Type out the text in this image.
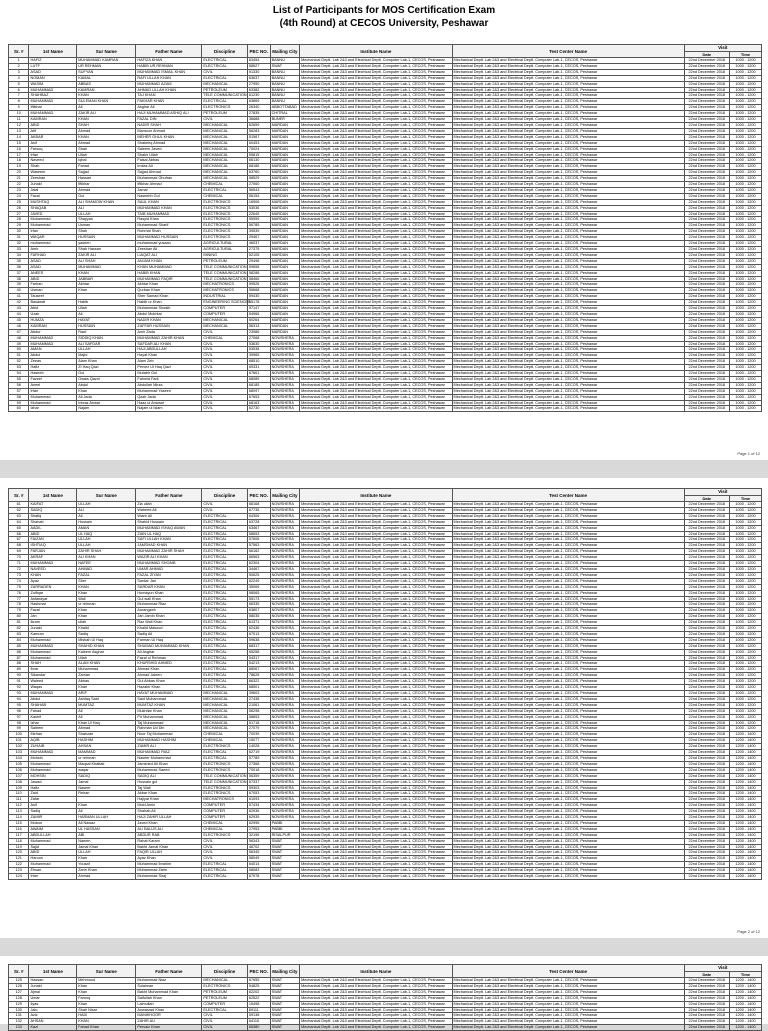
List of Participants for MOS Certification Exam
(4th Round) at CECOS University, Peshawar
Sr. #	1st Name	Sur Name	Father Name	Discipline	PEC NO.	Mailing City	Institute Name	Test Center Name	Visit	
									Date	Time
1	HAFIZ	MUHAMMAD KAMRAN	HAFIZA KHAN	ELECTRICAL	63454	BANNU	Mechanical Deptt. Lab 2&3 and Electrical Deptt. Computer Lab-1, CECOS, Peshawar	Mechanical Deptt. Lab 2&3 and Electrical Deptt. Computer Lab-1, CECOS, Peshawar	22nd December 2018	1000 - 1200
2	LUTF	UR REHMAN	HABIB UR REHMAN	ELECTRICAL	58627	SWAT	Mechanical Deptt. Lab 2&3 and Electrical Deptt. Computer Lab-1, CECOS, Peshawar	Mechanical Deptt. Lab 2&3 and Electrical Deptt. Computer Lab-1, CECOS, Peshawar	22nd December 2018	1000 - 1200
3	ASAD	SUFYAN	MUHAMMAD ISMAIL KHAN	CIVIL	51330	BANNU	Mechanical Deptt. Lab 2&3 and Electrical Deptt. Computer Lab-1, CECOS, Peshawar	Mechanical Deptt. Lab 2&3 and Electrical Deptt. Computer Lab-1, CECOS, Peshawar	22nd December 2018	1000 - 1200
4	NOMAN	KAMAL	RAFI ULLAH KHAN	ELECTRICAL	63637	BANNU	Mechanical Deptt. Lab 2&3 and Electrical Deptt. Computer Lab-1, CECOS, Peshawar	Mechanical Deptt. Lab 2&3 and Electrical Deptt. Computer Lab-1, CECOS, Peshawar	22nd December 2018	1000 - 1200
5	WASIM	ABBAS	MUHAMMAD AZAM	MECHANICAL	27950	BANNU	Mechanical Deptt. Lab 2&3 and Electrical Deptt. Computer Lab-1, CECOS, Peshawar	Mechanical Deptt. Lab 2&3 and Electrical Deptt. Computer Lab-1, CECOS, Peshawar	22nd December 2018	1000 - 1200
6	MUHAMMAD	KAMRAN	AHMAD ULLAH KHAN	PETROLEUM	63382	BANNU	Mechanical Deptt. Lab 2&3 and Electrical Deptt. Computer Lab-1, CECOS, Peshawar	Mechanical Deptt. Lab 2&3 and Electrical Deptt. Computer Lab-1, CECOS, Peshawar	22nd December 2018	1000 - 1200
7	SHAHBAZ	KHAN	TAJ KHAN	TELE COMMUNICATION	61230	BANNU	Mechanical Deptt. Lab 2&3 and Electrical Deptt. Computer Lab-1, CECOS, Peshawar	Mechanical Deptt. Lab 2&3 and Electrical Deptt. Computer Lab-1, CECOS, Peshawar	22nd December 2018	1000 - 1200
8	MUHAMMAD	SULEMAN KHAN	FAKHAR KHAN	ELECTRICAL	63869	BANNU	Mechanical Deptt. Lab 2&3 and Electrical Deptt. Computer Lab-1, CECOS, Peshawar	Mechanical Deptt. Lab 2&3 and Electrical Deptt. Computer Lab-1, CECOS, Peshawar	22nd December 2018	1000 - 1200
9	Iftikhar	Ali	Asghar Ali	ELECTRONICS	26340	ABBOTTABAD	Mechanical Deptt. Lab 2&3 and Electrical Deptt. Computer Lab-1, CECOS, Peshawar	Mechanical Deptt. Lab 2&3 and Electrical Deptt. Computer Lab-1, CECOS, Peshawar	22nd December 2018	1000 - 1200
10	MUHAMMAD	ZAKIR ALI	HAJI MUHAMMAD ASHIQ ALI	PETROLEUM	27835	CHITRAL	Mechanical Deptt. Lab 2&3 and Electrical Deptt. Computer Lab-1, CECOS, Peshawar	Mechanical Deptt. Lab 2&3 and Electrical Deptt. Computer Lab-1, CECOS, Peshawar	22nd December 2018	1000 - 1200
11	KAMRAN	KHAN	FAZAL DIN	CIVIL	36688	BUNER	Mechanical Deptt. Lab 2&3 and Electrical Deptt. Computer Lab-1, CECOS, Peshawar	Mechanical Deptt. Lab 2&3 and Electrical Deptt. Computer Lab-1, CECOS, Peshawar	22nd December 2018	1000 - 1200
12	ABID	SHAH	NADIR SHAH	MECHANICAL	62659	MARDAN	Mechanical Deptt. Lab 2&3 and Electrical Deptt. Computer Lab-1, CECOS, Peshawar	Mechanical Deptt. Lab 2&3 and Electrical Deptt. Computer Lab-1, CECOS, Peshawar	22nd December 2018	1000 - 1200
13	Atif	Ahmad	Mansoor Ahmad	MECHANICAL	56283	MARDAN	Mechanical Deptt. Lab 2&3 and Electrical Deptt. Computer Lab-1, CECOS, Peshawar	Mechanical Deptt. Lab 2&3 and Electrical Deptt. Computer Lab-1, CECOS, Peshawar	22nd December 2018	1000 - 1200
14	AKBAR	KHAN	MEHER GHUL KHAN	MECHANICAL	51567	MARDAN	Mechanical Deptt. Lab 2&3 and Electrical Deptt. Computer Lab-1, CECOS, Peshawar	Mechanical Deptt. Lab 2&3 and Electrical Deptt. Computer Lab-1, CECOS, Peshawar	22nd December 2018	1000 - 1200
15	Asif	Ahmad	Shakeeq Ahmad	MECHANICAL	60453	MARDAN	Mechanical Deptt. Lab 2&3 and Electrical Deptt. Computer Lab-1, CECOS, Peshawar	Mechanical Deptt. Lab 2&3 and Electrical Deptt. Computer Lab-1, CECOS, Peshawar	22nd December 2018	1000 - 1200
16	Farooq	Shah	Saleem Javed	MECHANICAL	70024	MARDAN	Mechanical Deptt. Lab 2&3 and Electrical Deptt. Computer Lab-1, CECOS, Peshawar	Mechanical Deptt. Lab 2&3 and Electrical Deptt. Computer Lab-1, CECOS, Peshawar	22nd December 2018	1000 - 1200
17	Irfan	Ullah	Shakir Ullah	MECHANICAL	55815	MARDAN	Mechanical Deptt. Lab 2&3 and Electrical Deptt. Computer Lab-1, CECOS, Peshawar	Mechanical Deptt. Lab 2&3 and Electrical Deptt. Computer Lab-1, CECOS, Peshawar	22nd December 2018	1000 - 1200
18	Naveed	Iqbal	Faisal Abbas	MECHANICAL	66130	MARDAN	Mechanical Deptt. Lab 2&3 and Electrical Deptt. Computer Lab-1, CECOS, Peshawar	Mechanical Deptt. Lab 2&3 and Electrical Deptt. Computer Lab-1, CECOS, Peshawar	22nd December 2018	1000 - 1200
19	Shah	Fahad	Imtiaz Ali	MECHANICAL	68186	MARDAN	Mechanical Deptt. Lab 2&3 and Electrical Deptt. Computer Lab-1, CECOS, Peshawar	Mechanical Deptt. Lab 2&3 and Electrical Deptt. Computer Lab-1, CECOS, Peshawar	22nd December 2018	1000 - 1200
20	Waseem	Sajjad	Sajjad Ahmad	MECHANICAL	63760	MARDAN	Mechanical Deptt. Lab 2&3 and Electrical Deptt. Computer Lab-1, CECOS, Peshawar	Mechanical Deptt. Lab 2&3 and Electrical Deptt. Computer Lab-1, CECOS, Peshawar	22nd December 2018	1000 - 1200
21	Zeeshan	Hassan	Muhammad Ghufran	MECHANICAL	58529	MARDAN	Mechanical Deptt. Lab 2&3 and Electrical Deptt. Computer Lab-1, CECOS, Peshawar	Mechanical Deptt. Lab 2&3 and Electrical Deptt. Computer Lab-1, CECOS, Peshawar	22nd December 2018	1000 - 1200
22	Junaid	Iftikhar	Iftikhar Ahmad	CHEMICAL	27060	MARDAN	Mechanical Deptt. Lab 2&3 and Electrical Deptt. Computer Lab-1, CECOS, Peshawar	Mechanical Deptt. Lab 2&3 and Electrical Deptt. Computer Lab-1, CECOS, Peshawar	22nd December 2018	1000 - 1200
23	Jalal	Ahmad	Jamal	ELECTRICAL	56543	MARDAN	Mechanical Deptt. Lab 2&3 and Electrical Deptt. Computer Lab-1, CECOS, Peshawar	Mechanical Deptt. Lab 2&3 and Electrical Deptt. Computer Lab-1, CECOS, Peshawar	22nd December 2018	1000 - 1200
24	Fazal	Gul	Naseebh Gul	CHEMICAL	56154	MARDAN	Mechanical Deptt. Lab 2&3 and Electrical Deptt. Computer Lab-1, CECOS, Peshawar	Mechanical Deptt. Lab 2&3 and Electrical Deptt. Computer Lab-1, CECOS, Peshawar	22nd December 2018	1000 - 1200
25	MUSHTAQ	ALI SHAMOW KHAN	SAUL KHAN	ELECTRONICS	16906	MARDAN	Mechanical Deptt. Lab 2&3 and Electrical Deptt. Computer Lab-1, CECOS, Peshawar	Mechanical Deptt. Lab 2&3 and Electrical Deptt. Computer Lab-1, CECOS, Peshawar	22nd December 2018	1000 - 1200
26	SHAQAB	ALI	MUHAMMAD KHAN	ELECTRONICS	53036	MARDAN	Mechanical Deptt. Lab 2&3 and Electrical Deptt. Computer Lab-1, CECOS, Peshawar	Mechanical Deptt. Lab 2&3 and Electrical Deptt. Computer Lab-1, CECOS, Peshawar	22nd December 2018	1000 - 1200
27	JAVED	ULLAH	TAIB MUHAMMAD	ELECTRONICS	22649	MARDAN	Mechanical Deptt. Lab 2&3 and Electrical Deptt. Computer Lab-1, CECOS, Peshawar	Mechanical Deptt. Lab 2&3 and Electrical Deptt. Computer Lab-1, CECOS, Peshawar	22nd December 2018	1000 - 1200
28	Muhammad	Shayyan	Rasyid Khan	ELECTRONICS	55959	MARDAN	Mechanical Deptt. Lab 2&3 and Electrical Deptt. Computer Lab-1, CECOS, Peshawar	Mechanical Deptt. Lab 2&3 and Electrical Deptt. Computer Lab-1, CECOS, Peshawar	22nd December 2018	1000 - 1200
29	Muhammad	Usman	Muhammad Sharif	ELECTRONICS	56785	MARDAN	Mechanical Deptt. Lab 2&3 and Electrical Deptt. Computer Lab-1, CECOS, Peshawar	Mechanical Deptt. Lab 2&3 and Electrical Deptt. Computer Lab-1, CECOS, Peshawar	22nd December 2018	1000 - 1200
30	Irfan	Shah	Rohmat Shah	ELECTRONICS	39539	MARDAN	Mechanical Deptt. Lab 2&3 and Electrical Deptt. Computer Lab-1, CECOS, Peshawar	Mechanical Deptt. Lab 2&3 and Electrical Deptt. Computer Lab-1, CECOS, Peshawar	22nd December 2018	1000 - 1200
31	WAQAR	HUSSAIN	MUHAMMAD HUSSAIN	ELECTRONICS	29467	MARDAN	Mechanical Deptt. Lab 2&3 and Electrical Deptt. Computer Lab-1, CECOS, Peshawar	Mechanical Deptt. Lab 2&3 and Electrical Deptt. Computer Lab-1, CECOS, Peshawar	22nd December 2018	1000 - 1200
32	muhammad	yaseen	muhammad yusaan	AGRICULTURAL	46037	MARDAN	Mechanical Deptt. Lab 2&3 and Electrical Deptt. Computer Lab-1, CECOS, Peshawar	Mechanical Deptt. Lab 2&3 and Electrical Deptt. Computer Lab-1, CECOS, Peshawar	22nd December 2018	1000 - 1200
33	Amir	Shah Hassan	Zeeshan Ali	AGRICULTURAL	27375	MARDAN	Mechanical Deptt. Lab 2&3 and Electrical Deptt. Computer Lab-1, CECOS, Peshawar	Mechanical Deptt. Lab 2&3 and Electrical Deptt. Computer Lab-1, CECOS, Peshawar	22nd December 2018	1000 - 1200
34	FARHAD	ZAKIR ALI	LIAQAT ALI	MINING	52105	MARDAN	Mechanical Deptt. Lab 2&3 and Electrical Deptt. Computer Lab-1, CECOS, Peshawar	Mechanical Deptt. Lab 2&3 and Electrical Deptt. Computer Lab-1, CECOS, Peshawar	22nd December 2018	1000 - 1200
35	ASAD	ALI SHAH	ANJAM KHAN	PETROLEUM	29498	MARDAN	Mechanical Deptt. Lab 2&3 and Electrical Deptt. Computer Lab-1, CECOS, Peshawar	Mechanical Deptt. Lab 2&3 and Electrical Deptt. Computer Lab-1, CECOS, Peshawar	22nd December 2018	1000 - 1200
36	ASAD	MUHAMMAD	KHAN MUHAMMAD	TELE COMMUNICATION	59658	MARDAN	Mechanical Deptt. Lab 2&3 and Electrical Deptt. Computer Lab-1, CECOS, Peshawar	Mechanical Deptt. Lab 2&3 and Electrical Deptt. Computer Lab-1, CECOS, Peshawar	22nd December 2018	1000 - 1200
37	ANEES	KHAN	HABIB KHAN	TELE COMMUNICATION	58288	MARDAN	Mechanical Deptt. Lab 2&3 and Electrical Deptt. Computer Lab-1, CECOS, Peshawar	Mechanical Deptt. Lab 2&3 and Electrical Deptt. Computer Lab-1, CECOS, Peshawar	22nd December 2018	1000 - 1200
38	ABID	JABBAR	MUHAMMAD FAQIR	TELE COMMUNICATION	58466	MARDAN	Mechanical Deptt. Lab 2&3 and Electrical Deptt. Computer Lab-1, CECOS, Peshawar	Mechanical Deptt. Lab 2&3 and Electrical Deptt. Computer Lab-1, CECOS, Peshawar	22nd December 2018	1000 - 1200
39	Farhan	Akhtar	Akhtar Khan	MECHATRONICS	59526	MARDAN	Mechanical Deptt. Lab 2&3 and Electrical Deptt. Computer Lab-1, CECOS, Peshawar	Mechanical Deptt. Lab 2&3 and Electrical Deptt. Computer Lab-1, CECOS, Peshawar	22nd December 2018	1000 - 1200
40	Usman	Khan	Qurban Khan	MECHATRONICS	55668	MARDAN	Mechanical Deptt. Lab 2&3 and Electrical Deptt. Computer Lab-1, CECOS, Peshawar	Mechanical Deptt. Lab 2&3 and Electrical Deptt. Computer Lab-1, CECOS, Peshawar	22nd December 2018	1000 - 1200
41	Tauseef		Sher Samad Khan	INDUSTRIAL	59430	MARDAN	Mechanical Deptt. Lab 2&3 and Electrical Deptt. Computer Lab-1, CECOS, Peshawar	Mechanical Deptt. Lab 2&3 and Electrical Deptt. Computer Lab-1, CECOS, Peshawar	22nd December 2018	1000 - 1200
42	Basawat	Habib	Habib ur Khan	ENGINEERING SCIENCES	55178	MARDAN	Mechanical Deptt. Lab 2&3 and Electrical Deptt. Computer Lab-1, CECOS, Peshawar	Mechanical Deptt. Lab 2&3 and Electrical Deptt. Computer Lab-1, CECOS, Peshawar	22nd December 2018	1000 - 1200
43	Abid	Ullah	Muhammad Shoaib	COMPUTER	57147	MARDAN	Mechanical Deptt. Lab 2&3 and Electrical Deptt. Computer Lab-1, CECOS, Peshawar	Mechanical Deptt. Lab 2&3 and Electrical Deptt. Computer Lab-1, CECOS, Peshawar	22nd December 2018	1000 - 1200
44	Uzair	Ali	Abdul Mukhtar	COMPUTER	54966	MARDAN	Mechanical Deptt. Lab 2&3 and Electrical Deptt. Computer Lab-1, CECOS, Peshawar	Mechanical Deptt. Lab 2&3 and Electrical Deptt. Computer Lab-1, CECOS, Peshawar	22nd December 2018	1000 - 1200
45	HUMZA	HAYAT	NADIR KHAN	MECHANICAL	60264	MARDAN	Mechanical Deptt. Lab 2&3 and Electrical Deptt. Computer Lab-1, CECOS, Peshawar	Mechanical Deptt. Lab 2&3 and Electrical Deptt. Computer Lab-1, CECOS, Peshawar	22nd December 2018	1000 - 1200
46	KAMRAN	HUSSAIN	ZAFFAR HUSSAIN	MECHANICAL	56313	MARDAN	Mechanical Deptt. Lab 2&3 and Electrical Deptt. Computer Lab-1, CECOS, Peshawar	Mechanical Deptt. Lab 2&3 and Electrical Deptt. Computer Lab-1, CECOS, Peshawar	22nd December 2018	1000 - 1200
47	Abdur	Rauf	Amir Zada	CIVIL	23986	MARDAN	Mechanical Deptt. Lab 2&3 and Electrical Deptt. Computer Lab-1, CECOS, Peshawar	Mechanical Deptt. Lab 2&3 and Electrical Deptt. Computer Lab-1, CECOS, Peshawar	22nd December 2018	1000 - 1200
48	MUHAMMAD	SIDDIQ KHAN	MUHAMMAD ZAHIR KHAN	CHEMICAL	27068	NOWSHERA	Mechanical Deptt. Lab 2&3 and Electrical Deptt. Computer Lab-1, CECOS, Peshawar	Mechanical Deptt. Lab 2&3 and Electrical Deptt. Computer Lab-1, CECOS, Peshawar	22nd December 2018	1000 - 1200
49	MUHAMMAD	ALI SAFDAR	SAFDAR ALI KHAN	CIVIL	53630	NOWSHERA	Mechanical Deptt. Lab 2&3 and Electrical Deptt. Computer Lab-1, CECOS, Peshawar	Mechanical Deptt. Lab 2&3 and Electrical Deptt. Computer Lab-1, CECOS, Peshawar	22nd December 2018	1000 - 1200
50	AMAN	ULLAH	HAJI ABDULLAH	CIVIL	53538	NOWSHERA	Mechanical Deptt. Lab 2&3 and Electrical Deptt. Computer Lab-1, CECOS, Peshawar	Mechanical Deptt. Lab 2&3 and Electrical Deptt. Computer Lab-1, CECOS, Peshawar	22nd December 2018	1000 - 1200
51	Abdul	Majid	Hayat Khan	CIVIL	39965	NOWSHERA	Mechanical Deptt. Lab 2&3 and Electrical Deptt. Computer Lab-1, CECOS, Peshawar	Mechanical Deptt. Lab 2&3 and Electrical Deptt. Computer Lab-1, CECOS, Peshawar	22nd December 2018	1000 - 1200
52	Zeeas	Alam Khan	Alam Zeb	CIVIL	68510	NOWSHERA	Mechanical Deptt. Lab 2&3 and Electrical Deptt. Computer Lab-1, CECOS, Peshawar	Mechanical Deptt. Lab 2&3 and Electrical Deptt. Computer Lab-1, CECOS, Peshawar	22nd December 2018	1000 - 1200
53	Hafiz	ZI Haq Qazi	Pervez Ul Haq Qazi	CIVIL	69331	NOWSHERA	Mechanical Deptt. Lab 2&3 and Electrical Deptt. Computer Lab-1, CECOS, Peshawar	Mechanical Deptt. Lab 2&3 and Electrical Deptt. Computer Lab-1, CECOS, Peshawar	22nd December 2018	1000 - 1200
54	Haseeb	Gul	Mutabir Gul	CIVIL	67661	NOWSHERA	Mechanical Deptt. Lab 2&3 and Electrical Deptt. Computer Lab-1, CECOS, Peshawar	Mechanical Deptt. Lab 2&3 and Electrical Deptt. Computer Lab-1, CECOS, Peshawar	22nd December 2018	1000 - 1200
55	Fazeel	Owais Qazni	Fahmid Fadi	CIVIL	68089	NOWSHERA	Mechanical Deptt. Lab 2&3 and Electrical Deptt. Computer Lab-1, CECOS, Peshawar	Mechanical Deptt. Lab 2&3 and Electrical Deptt. Computer Lab-1, CECOS, Peshawar	22nd December 2018	1000 - 1200
56	Aneel	Abdul	Abdullah Mirza	CIVIL	68185	NOWSHERA	Mechanical Deptt. Lab 2&3 and Electrical Deptt. Computer Lab-1, CECOS, Peshawar	Mechanical Deptt. Lab 2&3 and Electrical Deptt. Computer Lab-1, CECOS, Peshawar	22nd December 2018	1000 - 1200
57	Irfan	Khan	Muhammad Yaseen	CIVIL	68097	NOWSHERA	Mechanical Deptt. Lab 2&3 and Electrical Deptt. Computer Lab-1, CECOS, Peshawar	Mechanical Deptt. Lab 2&3 and Electrical Deptt. Computer Lab-1, CECOS, Peshawar	22nd December 2018	1000 - 1200
58	Muhammad	Ali Jada	Qazir Jada	CIVIL	67653	NOWSHERA	Mechanical Deptt. Lab 2&3 and Electrical Deptt. Computer Lab-1, CECOS, Peshawar	Mechanical Deptt. Lab 2&3 and Electrical Deptt. Computer Lab-1, CECOS, Peshawar	22nd December 2018	1000 - 1200
59	Muhammad	Inteaz Anwar	Haaz ul Anwaar	CIVIL	68163	NOWSHERA	Mechanical Deptt. Lab 2&3 and Electrical Deptt. Computer Lab-1, CECOS, Peshawar	Mechanical Deptt. Lab 2&3 and Electrical Deptt. Computer Lab-1, CECOS, Peshawar	22nd December 2018	1000 - 1200
60	Izhar	Najam	Najam ul Islam	CIVIL	62730	NOWSHERA	Mechanical Deptt. Lab 2&3 and Electrical Deptt. Computer Lab-1, CECOS, Peshawar	Mechanical Deptt. Lab 2&3 and Electrical Deptt. Computer Lab-1, CECOS, Peshawar	22nd December 2018	1000 - 1200
Page 1 of 12
Sr. #	1st Name	Sur Name	Father Name	Discipline	PEC NO.	Mailing City	Institute Name	Test Center Name	Visit	
									Date	Time
61	KAIFAT	ULLAH	Zia ullah	CIVIL	68168	NOWSHERA	Mechanical Deptt. Lab 2&3 and Electrical Deptt. Computer Lab-1, CECOS, Peshawar	Mechanical Deptt. Lab 2&3 and Electrical Deptt. Computer Lab-1, CECOS, Peshawar	22nd December 2018	1000 - 1200
62	SADIQ	ALI	Waheed Ali	CIVIL	67735	NOWSHERA	Mechanical Deptt. Lab 2&3 and Electrical Deptt. Computer Lab-1, CECOS, Peshawar	Mechanical Deptt. Lab 2&3 and Electrical Deptt. Computer Lab-1, CECOS, Peshawar	22nd December 2018	1000 - 1200
63	Shafiq	Ali	Wazir Ali	ELECTRICAL	64306	NOWSHERA	Mechanical Deptt. Lab 2&3 and Electrical Deptt. Computer Lab-1, CECOS, Peshawar	Mechanical Deptt. Lab 2&3 and Electrical Deptt. Computer Lab-1, CECOS, Peshawar	22nd December 2018	1000 - 1200
64	Shahab	Hussain	Shahid Hussain	ELECTRICAL	63728	NOWSHERA	Mechanical Deptt. Lab 2&3 and Electrical Deptt. Computer Lab-1, CECOS, Peshawar	Mechanical Deptt. Lab 2&3 and Electrical Deptt. Computer Lab-1, CECOS, Peshawar	22nd December 2018	1000 - 1200
65	AADIL	AMAN	MUHAMMAD ISHAQ AWAN	ELECTRICAL	63467	NOWSHERA	Mechanical Deptt. Lab 2&3 and Electrical Deptt. Computer Lab-1, CECOS, Peshawar	Mechanical Deptt. Lab 2&3 and Electrical Deptt. Computer Lab-1, CECOS, Peshawar	22nd December 2018	1000 - 1200
66	ABID	UL HAQ	ZAIN UL HAQ	ELECTRICAL	58653	NOWSHERA	Mechanical Deptt. Lab 2&3 and Electrical Deptt. Computer Lab-1, CECOS, Peshawar	Mechanical Deptt. Lab 2&3 and Electrical Deptt. Computer Lab-1, CECOS, Peshawar	22nd December 2018	1000 - 1200
67	FAIZAN	ULLAH	SAFI ULLAH KHAN	ELECTRICAL	57606	NOWSHERA	Mechanical Deptt. Lab 2&3 and Electrical Deptt. Computer Lab-1, CECOS, Peshawar	Mechanical Deptt. Lab 2&3 and Electrical Deptt. Computer Lab-1, CECOS, Peshawar	22nd December 2018	1000 - 1200
68	ISHTIAQ	ULLAH	JAMSHAD KHAN	ELECTRICAL	57563	NOWSHERA	Mechanical Deptt. Lab 2&3 and Electrical Deptt. Computer Lab-1, CECOS, Peshawar	Mechanical Deptt. Lab 2&3 and Electrical Deptt. Computer Lab-1, CECOS, Peshawar	22nd December 2018	1000 - 1200
69	FARJAN	ZAHIR SHAH	MUHAMMAD ZAHIR SHAH	ELECTRICAL	66162	NOWSHERA	Mechanical Deptt. Lab 2&3 and Electrical Deptt. Computer Lab-1, CECOS, Peshawar	Mechanical Deptt. Lab 2&3 and Electrical Deptt. Computer Lab-1, CECOS, Peshawar	22nd December 2018	1000 - 1200
70	AKRAF	ALI KHAN	WAZIR ALI KHAN	ELECTRICAL	66563	NOWSHERA	Mechanical Deptt. Lab 2&3 and Electrical Deptt. Computer Lab-1, CECOS, Peshawar	Mechanical Deptt. Lab 2&3 and Electrical Deptt. Computer Lab-1, CECOS, Peshawar	22nd December 2018	1000 - 1200
71	MUHAMMAD	NAFEE	MUHAMMAD SHOAIB	ELECTRICAL	62304	NOWSHERA	Mechanical Deptt. Lab 2&3 and Electrical Deptt. Computer Lab-1, CECOS, Peshawar	Mechanical Deptt. Lab 2&3 and Electrical Deptt. Computer Lab-1, CECOS, Peshawar	22nd December 2018	1000 - 1200
72	NAVEED	AHMAD	UMAR AHMAD	ELECTRICAL	34467	NOWSHERA	Mechanical Deptt. Lab 2&3 and Electrical Deptt. Computer Lab-1, CECOS, Peshawar	Mechanical Deptt. Lab 2&3 and Electrical Deptt. Computer Lab-1, CECOS, Peshawar	22nd December 2018	1000 - 1200
73	KHAN	FAZAL	FAZAL ZIYAN	ELECTRICAL	50625	NOWSHERA	Mechanical Deptt. Lab 2&3 and Electrical Deptt. Computer Lab-1, CECOS, Peshawar	Mechanical Deptt. Lab 2&3 and Electrical Deptt. Computer Lab-1, CECOS, Peshawar	22nd December 2018	1000 - 1200
74	Ayaz	Sher	Sardar Jan	ELECTRICAL	62249	NOWSHERA	Mechanical Deptt. Lab 2&3 and Electrical Deptt. Computer Lab-1, CECOS, Peshawar	Mechanical Deptt. Lab 2&3 and Electrical Deptt. Computer Lab-1, CECOS, Peshawar	22nd December 2018	1000 - 1200
75	ZARRADEN	KHAN	SARDAR KHAN	ELECTRICAL	35069	NOWSHERA	Mechanical Deptt. Lab 2&3 and Electrical Deptt. Computer Lab-1, CECOS, Peshawar	Mechanical Deptt. Lab 2&3 and Electrical Deptt. Computer Lab-1, CECOS, Peshawar	22nd December 2018	1000 - 1200
76	Zulfiqar	Khan	Humayun Khan	ELECTRICAL	58065	NOWSHERA	Mechanical Deptt. Lab 2&3 and Electrical Deptt. Computer Lab-1, CECOS, Peshawar	Mechanical Deptt. Lab 2&3 and Electrical Deptt. Computer Lab-1, CECOS, Peshawar	22nd December 2018	1000 - 1200
77	Asfandyar	Wali	Gul wali Khan	ELECTRICAL	55173	NOWSHERA	Mechanical Deptt. Lab 2&3 and Electrical Deptt. Computer Lab-1, CECOS, Peshawar	Mechanical Deptt. Lab 2&3 and Electrical Deptt. Computer Lab-1, CECOS, Peshawar	22nd December 2018	1000 - 1200
78	Hashmat	ur rehman	Muhammad Riaz	ELECTRICAL	66335	NOWSHERA	Mechanical Deptt. Lab 2&3 and Electrical Deptt. Computer Lab-1, CECOS, Peshawar	Mechanical Deptt. Lab 2&3 and Electrical Deptt. Computer Lab-1, CECOS, Peshawar	22nd December 2018	1000 - 1200
79	Fazal	Khan	Aurangzeb	ELECTRICAL	63807	NOWSHERA	Mechanical Deptt. Lab 2&3 and Electrical Deptt. Computer Lab-1, CECOS, Peshawar	Mechanical Deptt. Lab 2&3 and Electrical Deptt. Computer Lab-1, CECOS, Peshawar	22nd December 2018	1000 - 1200
80	Jan	Khan	Jan Jamin Khan	ELECTRICAL	58035	NOWSHERA	Mechanical Deptt. Lab 2&3 and Electrical Deptt. Computer Lab-1, CECOS, Peshawar	Mechanical Deptt. Lab 2&3 and Electrical Deptt. Computer Lab-1, CECOS, Peshawar	22nd December 2018	1000 - 1200
81	Ikram	ullah	Raz Wali Khan	ELECTRICAL	61371	NOWSHERA	Mechanical Deptt. Lab 2&3 and Electrical Deptt. Computer Lab-1, CECOS, Peshawar	Mechanical Deptt. Lab 2&3 and Electrical Deptt. Computer Lab-1, CECOS, Peshawar	22nd December 2018	1000 - 1200
82	Junaid	Khalid	Khalid Masood	ELECTRICAL	62436	NOWSHERA	Mechanical Deptt. Lab 2&3 and Electrical Deptt. Computer Lab-1, CECOS, Peshawar	Mechanical Deptt. Lab 2&3 and Electrical Deptt. Computer Lab-1, CECOS, Peshawar	22nd December 2018	1000 - 1200
83	Kamran	Sadiq	Sadiq Ali	ELECTRICAL	67013	NOWSHERA	Mechanical Deptt. Lab 2&3 and Electrical Deptt. Computer Lab-1, CECOS, Peshawar	Mechanical Deptt. Lab 2&3 and Electrical Deptt. Computer Lab-1, CECOS, Peshawar	22nd December 2018	1000 - 1200
84	Muhammad	Misbah Ul Haq	Farman Ul Haq	ELECTRICAL	59638	NOWSHERA	Mechanical Deptt. Lab 2&3 and Electrical Deptt. Computer Lab-1, CECOS, Peshawar	Mechanical Deptt. Lab 2&3 and Electrical Deptt. Computer Lab-1, CECOS, Peshawar	22nd December 2018	1000 - 1200
85	MUHAMMAD	SHAHID KHAN	SHUMAD MUHAMMAD KHAN	ELECTRICAL	68317	NOWSHERA	Mechanical Deptt. Lab 2&3 and Electrical Deptt. Computer Lab-1, CECOS, Peshawar	Mechanical Deptt. Lab 2&3 and Electrical Deptt. Computer Lab-1, CECOS, Peshawar	22nd December 2018	1000 - 1200
86	Muhammad	Kaleem Asghar	Ali Asghar	ELECTRICAL	65258	NOWSHERA	Mechanical Deptt. Lab 2&3 and Electrical Deptt. Computer Lab-1, CECOS, Peshawar	Mechanical Deptt. Lab 2&3 and Electrical Deptt. Computer Lab-1, CECOS, Peshawar	22nd December 2018	1000 - 1200
87	Muhammad	Ullah	Fazal ul Rehman	ELECTRICAL	54317	NOWSHERA	Mechanical Deptt. Lab 2&3 and Electrical Deptt. Computer Lab-1, CECOS, Peshawar	Mechanical Deptt. Lab 2&3 and Electrical Deptt. Computer Lab-1, CECOS, Peshawar	22nd December 2018	1000 - 1200
88	SHAH	ALAM KHAN	KHURSHID AHMED	ELECTRICAL	54213	NOWSHERA	Mechanical Deptt. Lab 2&3 and Electrical Deptt. Computer Lab-1, CECOS, Peshawar	Mechanical Deptt. Lab 2&3 and Electrical Deptt. Computer Lab-1, CECOS, Peshawar	22nd December 2018	1000 - 1200
89	Ibrar	Muhammad	Ahmad Khan	ELECTRICAL	68067	NOWSHERA	Mechanical Deptt. Lab 2&3 and Electrical Deptt. Computer Lab-1, CECOS, Peshawar	Mechanical Deptt. Lab 2&3 and Electrical Deptt. Computer Lab-1, CECOS, Peshawar	22nd December 2018	1000 - 1200
90	Sikandar	Zaman	Ahmad Jaleen	ELECTRICAL	78628	NOWSHERA	Mechanical Deptt. Lab 2&3 and Electrical Deptt. Computer Lab-1, CECOS, Peshawar	Mechanical Deptt. Lab 2&3 and Electrical Deptt. Computer Lab-1, CECOS, Peshawar	22nd December 2018	1000 - 1200
91	Waleed	Abbas	Gul Abbas Khan	ELECTRICAL	66322	NOWSHERA	Mechanical Deptt. Lab 2&3 and Electrical Deptt. Computer Lab-1, CECOS, Peshawar	Mechanical Deptt. Lab 2&3 and Electrical Deptt. Computer Lab-1, CECOS, Peshawar	22nd December 2018	1000 - 1200
92	Waqas	Khan	Hazabir Khan	ELECTRICAL	68501	NOWSHERA	Mechanical Deptt. Lab 2&3 and Electrical Deptt. Computer Lab-1, CECOS, Peshawar	Mechanical Deptt. Lab 2&3 and Electrical Deptt. Computer Lab-1, CECOS, Peshawar	22nd December 2018	1000 - 1200
93	MUHAMMAD	ARIF	HAYAT MUHAMMAD	MECHANICAL	39603	NOWSHERA	Mechanical Deptt. Lab 2&3 and Electrical Deptt. Computer Lab-1, CECOS, Peshawar	Mechanical Deptt. Lab 2&3 and Electrical Deptt. Computer Lab-1, CECOS, Peshawar	22nd December 2018	1000 - 1200
94	Abdul	Ashfaq Said	Said Muhammad	MECHANICAL	27438	NOWSHERA	Mechanical Deptt. Lab 2&3 and Electrical Deptt. Computer Lab-1, CECOS, Peshawar	Mechanical Deptt. Lab 2&3 and Electrical Deptt. Computer Lab-1, CECOS, Peshawar	22nd December 2018	1000 - 1200
95	SHAHAB	MUMTAZ	MUMTAZ KHAN	MECHANICAL	21061	NOWSHERA	Mechanical Deptt. Lab 2&3 and Electrical Deptt. Computer Lab-1, CECOS, Peshawar	Mechanical Deptt. Lab 2&3 and Electrical Deptt. Computer Lab-1, CECOS, Peshawar	22nd December 2018	1000 - 1200
96	Fahad	Ali	Mukhtiar Khan	MECHANICAL	56298	NOWSHERA	Mechanical Deptt. Lab 2&3 and Electrical Deptt. Computer Lab-1, CECOS, Peshawar	Mechanical Deptt. Lab 2&3 and Electrical Deptt. Computer Lab-1, CECOS, Peshawar	22nd December 2018	1000 - 1200
97	Kashif	Ali	Pir Muhammad	MECHANICAL	58653	NOWSHERA	Mechanical Deptt. Lab 2&3 and Electrical Deptt. Computer Lab-1, CECOS, Peshawar	Mechanical Deptt. Lab 2&3 and Electrical Deptt. Computer Lab-1, CECOS, Peshawar	22nd December 2018	1000 - 1200
98	Izhar	Khan Ul Haq	Taj Muhammad	MECHANICAL	51718	NOWSHERA	Mechanical Deptt. Lab 2&3 and Electrical Deptt. Computer Lab-1, CECOS, Peshawar	Mechanical Deptt. Lab 2&3 and Electrical Deptt. Computer Lab-1, CECOS, Peshawar	22nd December 2018	1000 - 1200
99	Saleem	Ahmad	Rahman Ud Din	MECHANICAL	27079	NOWSHERA	Mechanical Deptt. Lab 2&3 and Electrical Deptt. Computer Lab-1, CECOS, Peshawar	Mechanical Deptt. Lab 2&3 and Electrical Deptt. Computer Lab-1, CECOS, Peshawar	22nd December 2018	1000 - 1200
100	Mehan	Shahzan	Noor Taj Muhammad	CHEMICAL	70039	NOWSHERA	Mechanical Deptt. Lab 2&3 and Electrical Deptt. Computer Lab-1, CECOS, Peshawar	Mechanical Deptt. Lab 2&3 and Electrical Deptt. Computer Lab-1, CECOS, Peshawar	22nd December 2018	1200 - 1400
101	AQIB	HASHIM	MUHAMMAD HASHIM	CHEMICAL	15077	NOWSHERA	Mechanical Deptt. Lab 2&3 and Electrical Deptt. Computer Lab-1, CECOS, Peshawar	Mechanical Deptt. Lab 2&3 and Electrical Deptt. Computer Lab-1, CECOS, Peshawar	22nd December 2018	1200 - 1400
102	ZUHAIB	AHSAN	ZAMIR ALI	ELECTRONICS	14028	NOWSHERA	Mechanical Deptt. Lab 2&3 and Electrical Deptt. Computer Lab-1, CECOS, Peshawar	Mechanical Deptt. Lab 2&3 and Electrical Deptt. Computer Lab-1, CECOS, Peshawar	22nd December 2018	1200 - 1400
103	MUHAMMAD	MAMMAD	MUHAMMAD RIAZ	ELECTRICAL	62719	NOWSHERA	Mechanical Deptt. Lab 2&3 and Electrical Deptt. Computer Lab-1, CECOS, Peshawar	Mechanical Deptt. Lab 2&3 and Electrical Deptt. Computer Lab-1, CECOS, Peshawar	22nd December 2018	1200 - 1400
104	Mohsin	ur rehman	Naseer Muhammad	ELECTRICAL	57789	NOWSHERA	Mechanical Deptt. Lab 2&3 and Electrical Deptt. Computer Lab-1, CECOS, Peshawar	Mechanical Deptt. Lab 2&3 and Electrical Deptt. Computer Lab-1, CECOS, Peshawar	22nd December 2018	1200 - 1400
105	Muhammad	Maqsal Khattak	Jamshed Ali Khan	ELECTRONICS	27368	NOWSHERA	Mechanical Deptt. Lab 2&3 and Electrical Deptt. Computer Lab-1, CECOS, Peshawar	Mechanical Deptt. Lab 2&3 and Electrical Deptt. Computer Lab-1, CECOS, Peshawar	22nd December 2018	1200 - 1400
106	Muhammad	waqar	Muhammad Saeed	ELECTRONICS	70018	NOWSHERA	Mechanical Deptt. Lab 2&3 and Electrical Deptt. Computer Lab-1, CECOS, Peshawar	Mechanical Deptt. Lab 2&3 and Electrical Deptt. Computer Lab-1, CECOS, Peshawar	22nd December 2018	1200 - 1400
107	MOHSIN	SADIQ	SADIQ ALI	TELE COMMUNICATION	56359	NOWSHERA	Mechanical Deptt. Lab 2&3 and Electrical Deptt. Computer Lab-1, CECOS, Peshawar	Mechanical Deptt. Lab 2&3 and Electrical Deptt. Computer Lab-1, CECOS, Peshawar	22nd December 2018	1200 - 1400
108	Jawad	Jamal	Hussain gul	TELE COMMUNICATION	67337	NOWSHERA	Mechanical Deptt. Lab 2&3 and Electrical Deptt. Computer Lab-1, CECOS, Peshawar	Mechanical Deptt. Lab 2&3 and Electrical Deptt. Computer Lab-1, CECOS, Peshawar	22nd December 2018	1200 - 1400
109	Hafiz	Naseer	Taj Wali	ELECTRONICS	59303	NOWSHERA	Mechanical Deptt. Lab 2&3 and Electrical Deptt. Computer Lab-1, CECOS, Peshawar	Mechanical Deptt. Lab 2&3 and Electrical Deptt. Computer Lab-1, CECOS, Peshawar	22nd December 2018	1200 - 1400
110	Zaid	Rehan	Akbar Khan	ELECTRONICS	67053	NOWSHERA	Mechanical Deptt. Lab 2&3 and Electrical Deptt. Computer Lab-1, CECOS, Peshawar	Mechanical Deptt. Lab 2&3 and Electrical Deptt. Computer Lab-1, CECOS, Peshawar	22nd December 2018	1200 - 1400
111	Zafar		Hajiyat Khan	MECHATRONICS	61093	NOWSHERA	Mechanical Deptt. Lab 2&3 and Electrical Deptt. Computer Lab-1, CECOS, Peshawar	Mechanical Deptt. Lab 2&3 and Electrical Deptt. Computer Lab-1, CECOS, Peshawar	22nd December 2018	1200 - 1400
112	Asif	Khan	Moid Amin	COMPUTER	57434	NOWSHERA	Mechanical Deptt. Lab 2&3 and Electrical Deptt. Computer Lab-1, CECOS, Peshawar	Mechanical Deptt. Lab 2&3 and Electrical Deptt. Computer Lab-1, CECOS, Peshawar	22nd December 2018	1200 - 1400
113	Sadiq	Ali	Shahab Ali	COMPUTER	62936	NOWSHERA	Mechanical Deptt. Lab 2&3 and Electrical Deptt. Computer Lab-1, CECOS, Peshawar	Mechanical Deptt. Lab 2&3 and Electrical Deptt. Computer Lab-1, CECOS, Peshawar	22nd December 2018	1200 - 1400
114	ZAMIR	HARMAN ULLAH	HAJI ZAHIR ULLAH	COMPUTER	62935	NOWSHERA	Mechanical Deptt. Lab 2&3 and Electrical Deptt. Computer Lab-1, CECOS, Peshawar	Mechanical Deptt. Lab 2&3 and Electrical Deptt. Computer Lab-1, CECOS, Peshawar	22nd December 2018	1200 - 1400
115	Mutoor	Ali Nawaz	Javed Khan	CHEMICAL	62996	PABBI	Mechanical Deptt. Lab 2&3 and Electrical Deptt. Computer Lab-1, CECOS, Peshawar	Mechanical Deptt. Lab 2&3 and Electrical Deptt. Computer Lab-1, CECOS, Peshawar	22nd December 2018	1200 - 1400
116	AWAIM	UL HASSAN	ALI BALUS ALI	CHEMICAL	27953	PABBI	Mechanical Deptt. Lab 2&3 and Electrical Deptt. Computer Lab-1, CECOS, Peshawar	Mechanical Deptt. Lab 2&3 and Electrical Deptt. Computer Lab-1, CECOS, Peshawar	22nd December 2018	1200 - 1400
117	ABDULLAH	ABI	ABDUR RAB	ELECTRONICS	32196	RISALPUR	Mechanical Deptt. Lab 2&3 and Electrical Deptt. Computer Lab-1, CECOS, Peshawar	Mechanical Deptt. Lab 2&3 and Electrical Deptt. Computer Lab-1, CECOS, Peshawar	22nd December 2018	1200 - 1400
118	Muhammad	Naeem	Rahat Karam	CIVIL	56343	SWAT	Mechanical Deptt. Lab 2&3 and Electrical Deptt. Computer Lab-1, CECOS, Peshawar	Mechanical Deptt. Lab 2&3 and Electrical Deptt. Computer Lab-1, CECOS, Peshawar	22nd December 2018	1200 - 1400
119	Sajid	Jamal Khan	Bakht Jamal Khan	CIVIL	46702	SWAT	Mechanical Deptt. Lab 2&3 and Electrical Deptt. Computer Lab-1, CECOS, Peshawar	Mechanical Deptt. Lab 2&3 and Electrical Deptt. Computer Lab-1, CECOS, Peshawar	22nd December 2018	1200 - 1400
120	ABID	ULLAH	FAQIR ULLAH	CIVIL	56345	SWAT	Mechanical Deptt. Lab 2&3 and Electrical Deptt. Computer Lab-1, CECOS, Peshawar	Mechanical Deptt. Lab 2&3 and Electrical Deptt. Computer Lab-1, CECOS, Peshawar	22nd December 2018	1200 - 1400
121	Haroon	Khan	Ayaz Khan	CIVIL	58049	SWAT	Mechanical Deptt. Lab 2&3 and Electrical Deptt. Computer Lab-1, CECOS, Peshawar	Mechanical Deptt. Lab 2&3 and Electrical Deptt. Computer Lab-1, CECOS, Peshawar	22nd December 2018	1200 - 1400
122	Muhammad	Yousaf	Muhammad Ibrahim	ELECTRICAL	64014	SWAT	Mechanical Deptt. Lab 2&3 and Electrical Deptt. Computer Lab-1, CECOS, Peshawar	Mechanical Deptt. Lab 2&3 and Electrical Deptt. Computer Lab-1, CECOS, Peshawar	22nd December 2018	1200 - 1400
123	Ehsan	Zarin Khan	Muhammad Zarin	ELECTRICAL	58083	SWAT	Mechanical Deptt. Lab 2&3 and Electrical Deptt. Computer Lab-1, CECOS, Peshawar	Mechanical Deptt. Lab 2&3 and Electrical Deptt. Computer Lab-1, CECOS, Peshawar	22nd December 2018	1200 - 1400
124	Irfan	Ahmad	Muhammad Siraj	ELECTRICAL	67978	SWAT	Mechanical Deptt. Lab 2&3 and Electrical Deptt. Computer Lab-1, CECOS, Peshawar	Mechanical Deptt. Lab 2&3 and Electrical Deptt. Computer Lab-1, CECOS, Peshawar	22nd December 2018	1200 - 1400
Page 2 of 12
Sr. #	1st Name	Sur Name	Father Name	Discipline	PEC NO.	Mailing City	Institute Name	Test Center Name	Visit	
									Date	Time
125	Hassan	Mehmood	Muhammad Niaz	MECHANICAL	67655	SWAT	Mechanical Deptt. Lab 2&3 and Electrical Deptt. Computer Lab-1, CECOS, Peshawar	Mechanical Deptt. Lab 2&3 and Electrical Deptt. Computer Lab-1, CECOS, Peshawar	22nd December 2018	1200 - 1400
126	Junaid	Khan	Sulaiman	ELECTRONICS	54825	SWAT	Mechanical Deptt. Lab 2&3 and Electrical Deptt. Computer Lab-1, CECOS, Peshawar	Mechanical Deptt. Lab 2&3 and Electrical Deptt. Computer Lab-1, CECOS, Peshawar	22nd December 2018	1200 - 1400
127	Ajmal	Khan	Bakht Muhammad Khan	PETROLEUM	62202	SWAT	Mechanical Deptt. Lab 2&3 and Electrical Deptt. Computer Lab-1, CECOS, Peshawar	Mechanical Deptt. Lab 2&3 and Electrical Deptt. Computer Lab-1, CECOS, Peshawar	22nd December 2018	1200 - 1400
128	Umar	Farooq	Saifullah Khan	PETROLEUM	62522	SWAT	Mechanical Deptt. Lab 2&3 and Electrical Deptt. Computer Lab-1, CECOS, Peshawar	Mechanical Deptt. Lab 2&3 and Electrical Deptt. Computer Lab-1, CECOS, Peshawar	22nd December 2018	1200 - 1400
129	Ilyas	Khan	Lalmullah	COMPUTER	15498	SWAT	Mechanical Deptt. Lab 2&3 and Electrical Deptt. Computer Lab-1, CECOS, Peshawar	Mechanical Deptt. Lab 2&3 and Electrical Deptt. Computer Lab-1, CECOS, Peshawar	22nd December 2018	1200 - 1400
130	Jalo	Shah Nisar	Anwarzad Khan	ELECTRICAL	69111	SWAT	Mechanical Deptt. Lab 2&3 and Electrical Deptt. Computer Lab-1, CECOS, Peshawar	Mechanical Deptt. Lab 2&3 and Electrical Deptt. Computer Lab-1, CECOS, Peshawar	22nd December 2018	1200 - 1400
131	Aziz	HADI	MANIKHOOR	CIVIL	59138	SWAT	Mechanical Deptt. Lab 2&3 and Electrical Deptt. Computer Lab-1, CECOS, Peshawar	Mechanical Deptt. Lab 2&3 and Electrical Deptt. Computer Lab-1, CECOS, Peshawar	22nd December 2018	1200 - 1400
132	AHSAN	KHAN	ZAHIR AU	CIVIL	64116	SWAT	Mechanical Deptt. Lab 2&3 and Electrical Deptt. Computer Lab-1, CECOS, Peshawar	Mechanical Deptt. Lab 2&3 and Electrical Deptt. Computer Lab-1, CECOS, Peshawar	22nd December 2018	1200 - 1400
133	Kazi	Fahad Khan	Pervaiz Khan	CIVIL	65380	SWAT	Mechanical Deptt. Lab 2&3 and Electrical Deptt. Computer Lab-1, CECOS, Peshawar	Mechanical Deptt. Lab 2&3 and Electrical Deptt. Computer Lab-1, CECOS, Peshawar	22nd December 2018	1200 - 1400
